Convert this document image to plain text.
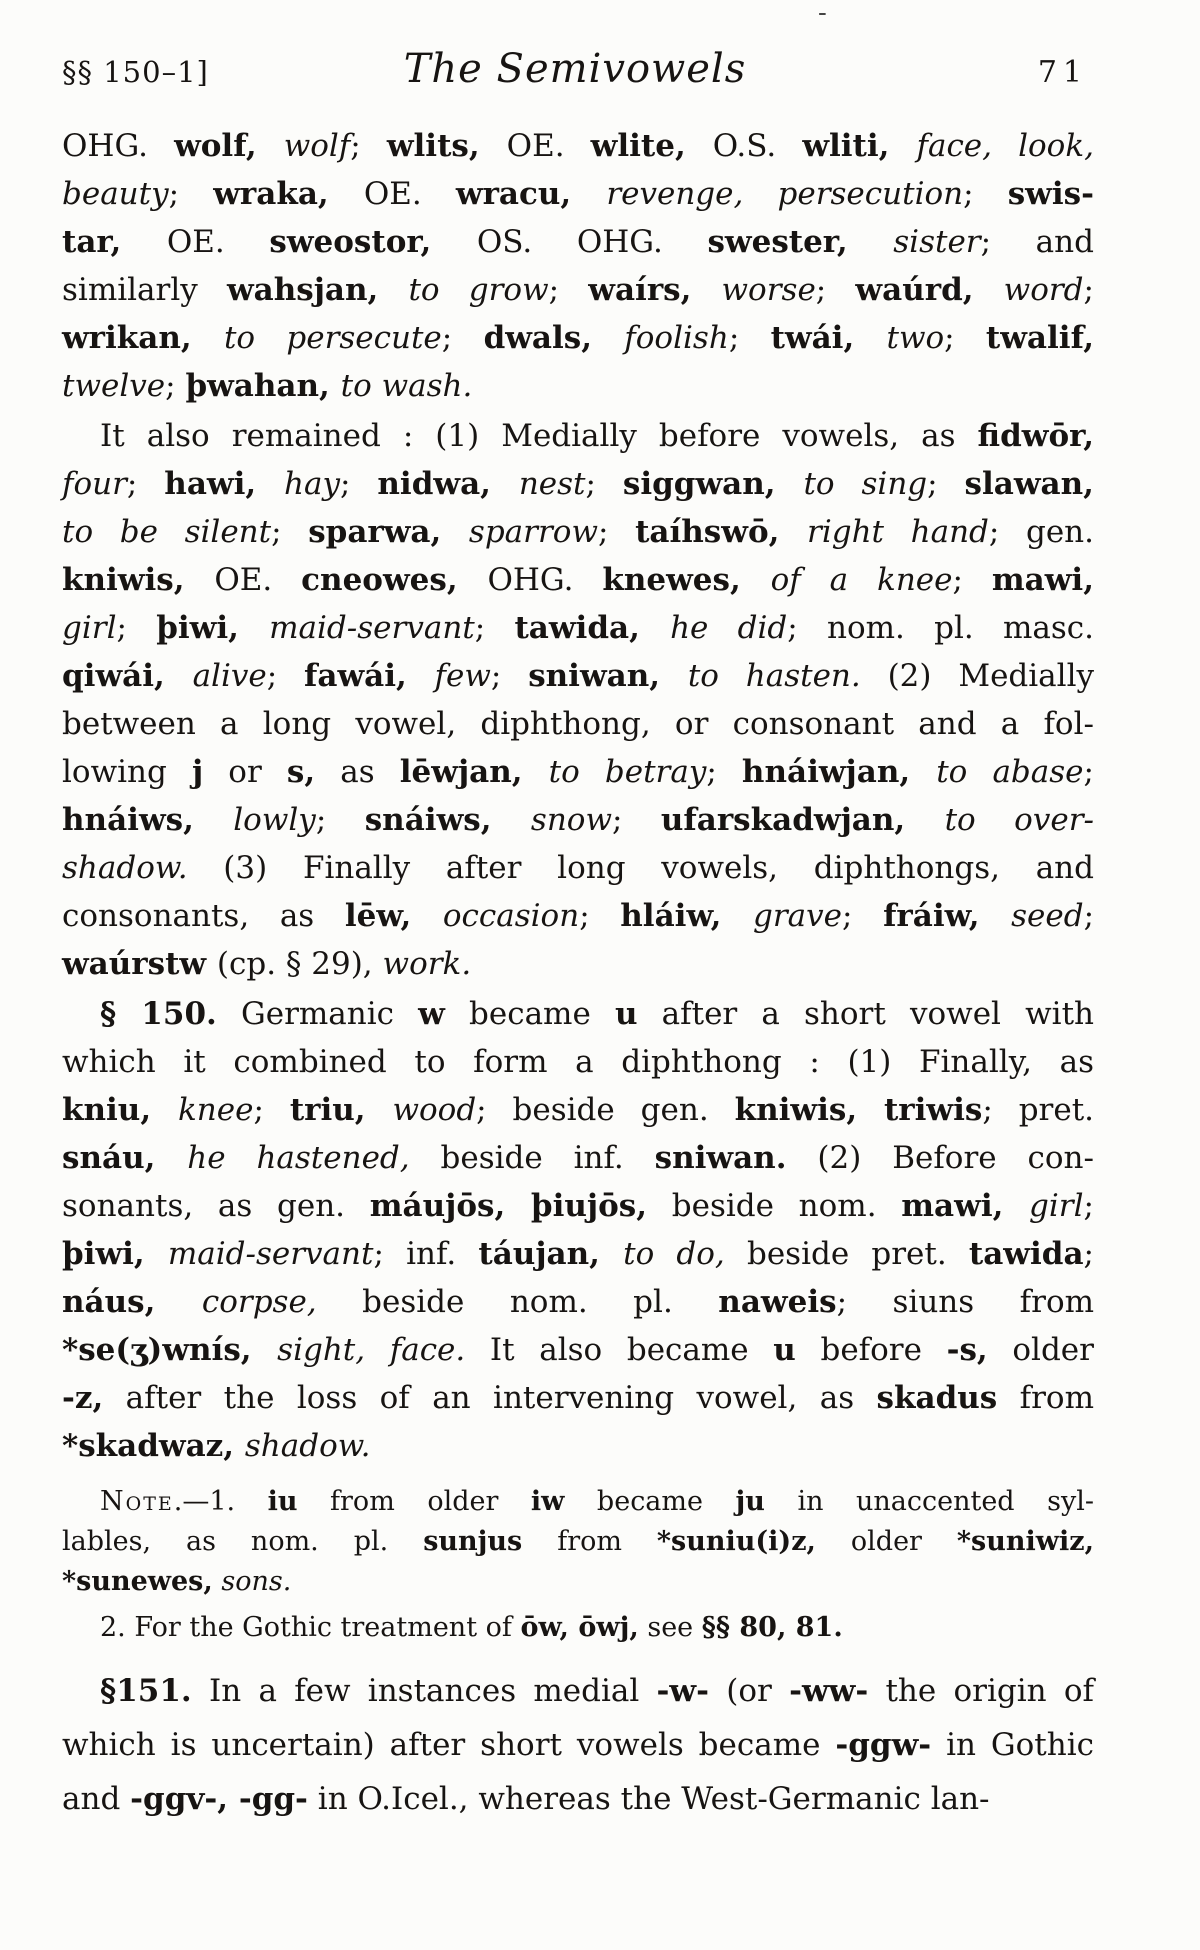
-
§§ 150–1]	The Semivowels	71
OHG. wolf, wolf; wlits, OE. wlite, O.S. wliti, face, look,
beauty; wraka, OE. wracu, revenge, persecution; swis-
tar, OE. sweostor, OS. OHG. swester, sister; and
similarly wahsjan, to grow; waírs, worse; waúrd, word;
wrikan, to persecute; dwals, foolish; twái, two; twalif,
twelve; þwahan, to wash.
It also remained : (1) Medially before vowels, as fidwōr,
four; hawi, hay; nidwa, nest; siggwan, to sing; slawan,
to be silent; sparwa, sparrow; taíhswō, right hand; gen.
kniwis, OE. cneowes, OHG. knewes, of a knee; mawi,
girl; þiwi, maid-servant; tawida, he did; nom. pl. masc.
qiwái, alive; fawái, few; sniwan, to hasten. (2) Medially
between a long vowel, diphthong, or consonant and a fol-
lowing j or s, as lēwjan, to betray; hnáiwjan, to abase;
hnáiws, lowly; snáiws, snow; ufarskadwjan, to over-
shadow. (3) Finally after long vowels, diphthongs, and
consonants, as lēw, occasion; hláiw, grave; fráiw, seed;
waúrstw (cp. § 29), work.
§ 150. Germanic w became u after a short vowel with
which it combined to form a diphthong : (1) Finally, as
kniu, knee; triu, wood; beside gen. kniwis, triwis; pret.
snáu, he hastened, beside inf. sniwan. (2) Before con-
sonants, as gen. máujōs, þiujōs, beside nom. mawi, girl;
þiwi, maid-servant; inf. táujan, to do, beside pret. tawida;
náus, corpse, beside nom. pl. naweis; siuns from
*se(ʒ)wnís, sight, face. It also became u before -s, older
-z, after the loss of an intervening vowel, as skadus from
*skadwaz, shadow.
Note.—1. iu from older iw became ju in unaccented syl-
lables, as nom. pl. sunjus from *suniu(i)z, older *suniwiz,
*sunewes, sons.
2. For the Gothic treatment of ōw, ōwj, see §§ 80, 81.
§151. In a few instances medial -w- (or -ww- the origin of
which is uncertain) after short vowels became -ggw- in Gothic
and -ggv-, -gg- in O.Icel., whereas the West-Germanic lan-
